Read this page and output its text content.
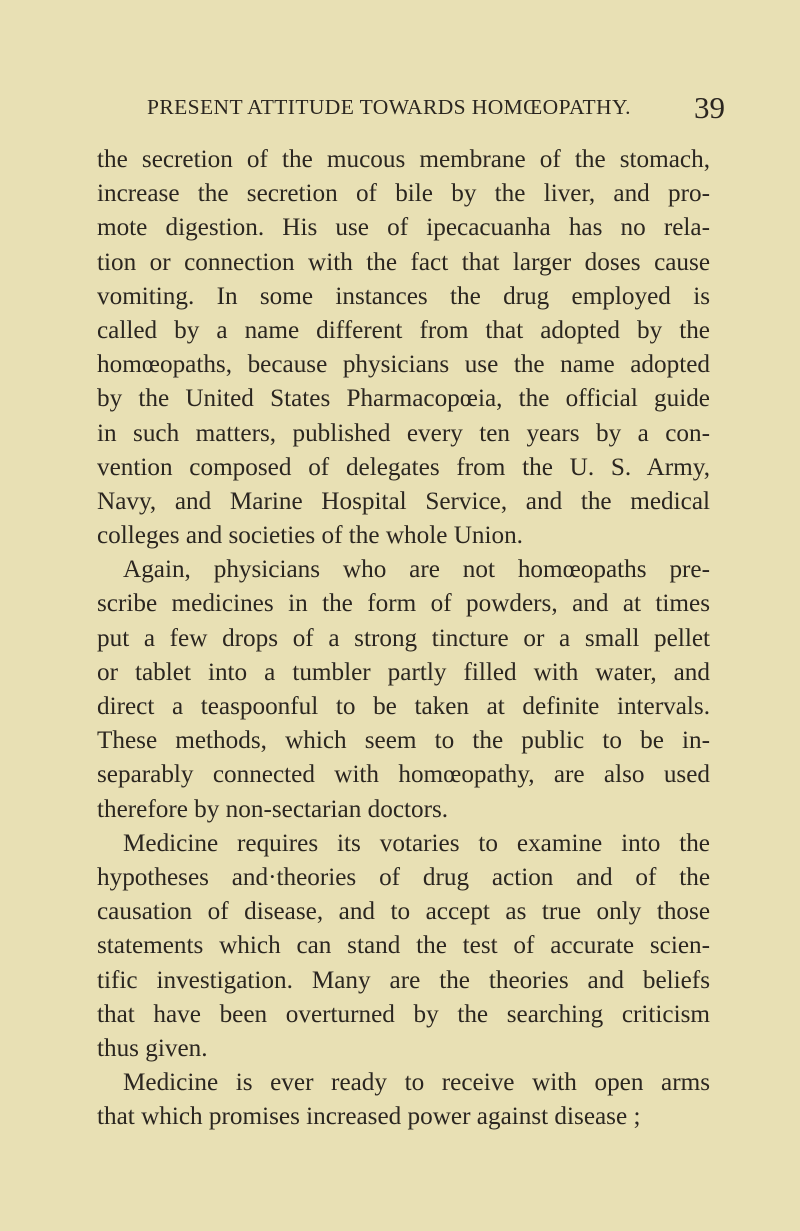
PRESENT ATTITUDE TOWARDS HOMŒOPATHY. 39
the secretion of the mucous membrane of the stomach,
increase the secretion of bile by the liver, and pro-
mote digestion. His use of ipecacuanha has no rela-
tion or connection with the fact that larger doses cause
vomiting. In some instances the drug employed is
called by a name different from that adopted by the
homœopaths, because physicians use the name adopted
by the United States Pharmacopœia, the official guide
in such matters, published every ten years by a con-
vention composed of delegates from the U. S. Army,
Navy, and Marine Hospital Service, and the medical
colleges and societies of the whole Union.
Again, physicians who are not homœopaths pre-
scribe medicines in the form of powders, and at times
put a few drops of a strong tincture or a small pellet
or tablet into a tumbler partly filled with water, and
direct a teaspoonful to be taken at definite intervals.
These methods, which seem to the public to be in-
separably connected with homœopathy, are also used
therefore by non-sectarian doctors.
Medicine requires its votaries to examine into the
hypotheses and·theories of drug action and of the
causation of disease, and to accept as true only those
statements which can stand the test of accurate scien-
tific investigation. Many are the theories and beliefs
that have been overturned by the searching criticism
thus given.
Medicine is ever ready to receive with open arms
that which promises increased power against disease ;
